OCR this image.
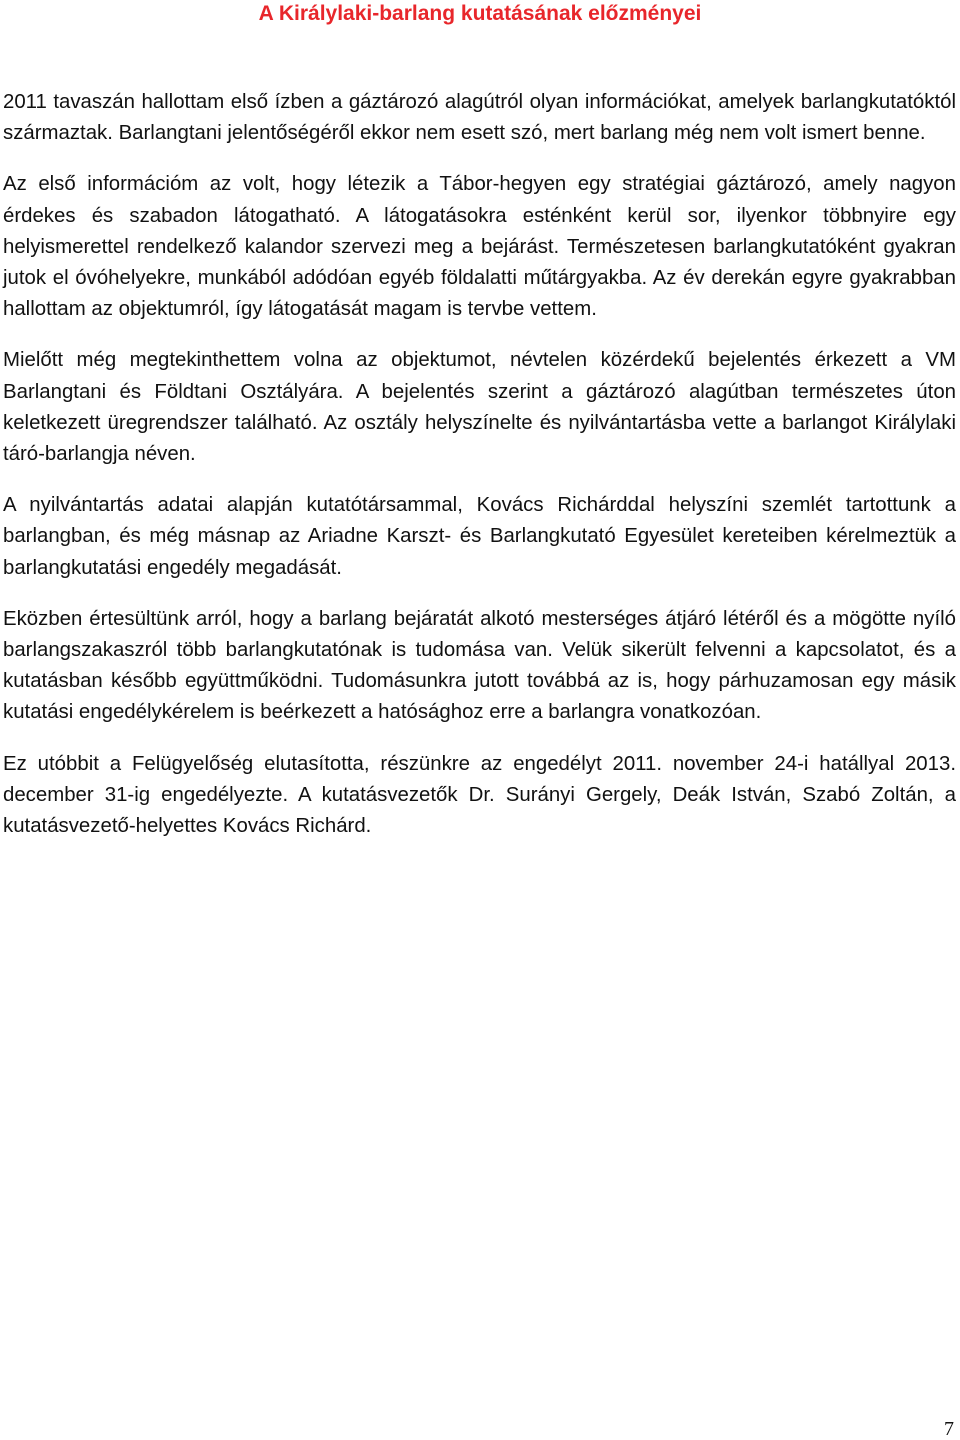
A Királylaki-barlang kutatásának előzményei

2011 tavaszán hallottam első ízben a gáztározó alagútról olyan információkat, amelyek barlangkutatóktól származtak. Barlangtani jelentőségéről ekkor nem esett szó, mert barlang még nem volt ismert benne.

Az első információm az volt, hogy létezik a Tábor-hegyen egy stratégiai gáztározó, amely nagyon érdekes és szabadon látogatható. A látogatásokra esténként kerül sor, ilyenkor többnyire egy helyismerettel rendelkező kalandor szervezi meg a bejárást. Természetesen barlangkutatóként gyakran jutok el óvóhelyekre, munkából adódóan egyéb földalatti műtárgyakba. Az év derekán egyre gyakrabban hallottam az objektumról, így látogatását magam is tervbe vettem.

Mielőtt még megtekinthettem volna az objektumot, névtelen közérdekű bejelentés érkezett a VM Barlangtani és Földtani Osztályára. A bejelentés szerint a gáztározó alagútban természetes úton keletkezett üregrendszer található. Az osztály helyszínelte és nyilvántartásba vette a barlangot Királylaki táró-barlangja néven.

A nyilvántartás adatai alapján kutatótársammal, Kovács Richárddal helyszíni szemlét tartottunk a barlangban, és még másnap az Ariadne Karszt- és Barlangkutató Egyesület kereteiben kérelmeztük a barlangkutatási engedély megadását.

Eközben értesültünk arról, hogy a barlang bejáratát alkotó mesterséges átjáró létéről és a mögötte nyíló barlangszakaszról több barlangkutatónak is tudomása van. Velük sikerült felvenni a kapcsolatot, és a kutatásban később együttműködni. Tudomásunkra jutott továbbá az is, hogy párhuzamosan egy másik kutatási engedélykérelem is beérkezett a hatósághoz erre a barlangra vonatkozóan.

Ez utóbbit a Felügyelőség elutasította, részünkre az engedélyt 2011. november 24-i hatállyal 2013. december 31-ig engedélyezte. A kutatásvezetők Dr. Surányi Gergely, Deák István, Szabó Zoltán, a kutatásvezető-helyettes Kovács Richárd.

7
